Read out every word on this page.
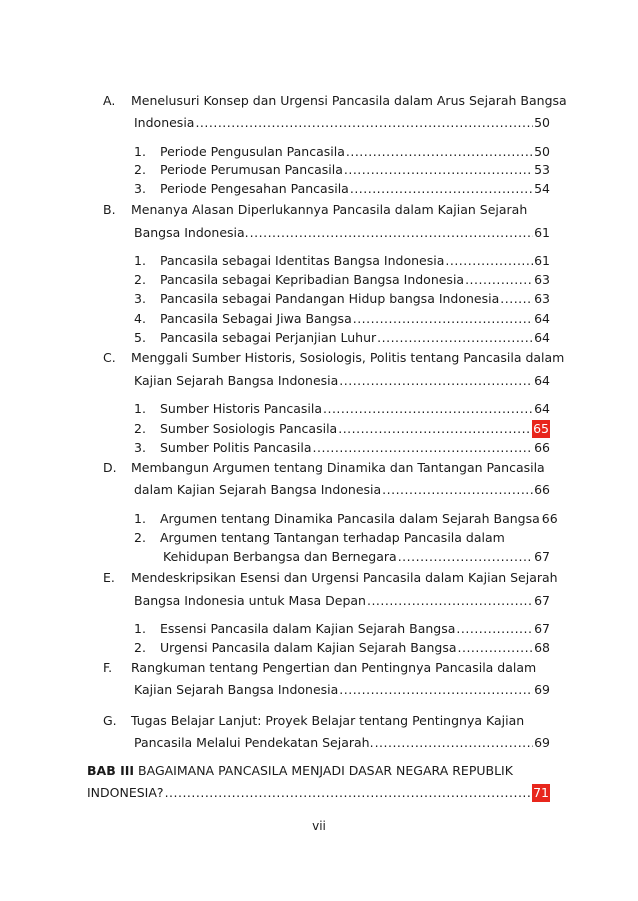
A.	Menelusuri Konsep dan Urgensi Pancasila dalam Arus Sejarah Bangsa
Indonesia .....	50
1.	Periode Pengusulan Pancasila .....	50
2.	Periode Perumusan Pancasila .....	53
3.	Periode Pengesahan Pancasila .....	54
B.	Menanya Alasan Diperlukannya Pancasila dalam Kajian Sejarah
Bangsa Indonesia. .....	61
1.	Pancasila sebagai Identitas Bangsa Indonesia .....	61
2.	Pancasila sebagai Kepribadian Bangsa Indonesia .....	63
3.	Pancasila sebagai Pandangan Hidup bangsa Indonesia .....	63
4.	Pancasila Sebagai Jiwa Bangsa .....	64
5.	Pancasila sebagai Perjanjian Luhur .....	64
C.	Menggali Sumber Historis, Sosiologis, Politis tentang Pancasila dalam
Kajian Sejarah Bangsa Indonesia .....	64
1.	Sumber Historis Pancasila .....	64
2.	Sumber Sosiologis Pancasila .....	65
3.	Sumber Politis Pancasila .....	66
D.	Membangun Argumen tentang Dinamika dan Tantangan Pancasila
dalam Kajian Sejarah Bangsa Indonesia .....	66
1.	Argumen tentang Dinamika Pancasila dalam Sejarah Bangsa 66
2.	Argumen tentang Tantangan terhadap Pancasila dalam
Kehidupan Berbangsa dan Bernegara .....	67
E.	Mendeskripsikan Esensi dan Urgensi Pancasila dalam Kajian Sejarah
Bangsa Indonesia untuk Masa Depan .....	67
1.	Essensi Pancasila dalam Kajian Sejarah Bangsa .....	67
2.	Urgensi Pancasila dalam Kajian Sejarah Bangsa .....	68
F.	Rangkuman tentang Pengertian dan Pentingnya Pancasila dalam
Kajian Sejarah Bangsa Indonesia .....	69
G.	Tugas Belajar Lanjut: Proyek Belajar tentang Pentingnya Kajian
Pancasila Melalui Pendekatan Sejarah. .....	69
BAB III BAGAIMANA PANCASILA MENJADI DASAR NEGARA REPUBLIK
INDONESIA? .....	71
vii
